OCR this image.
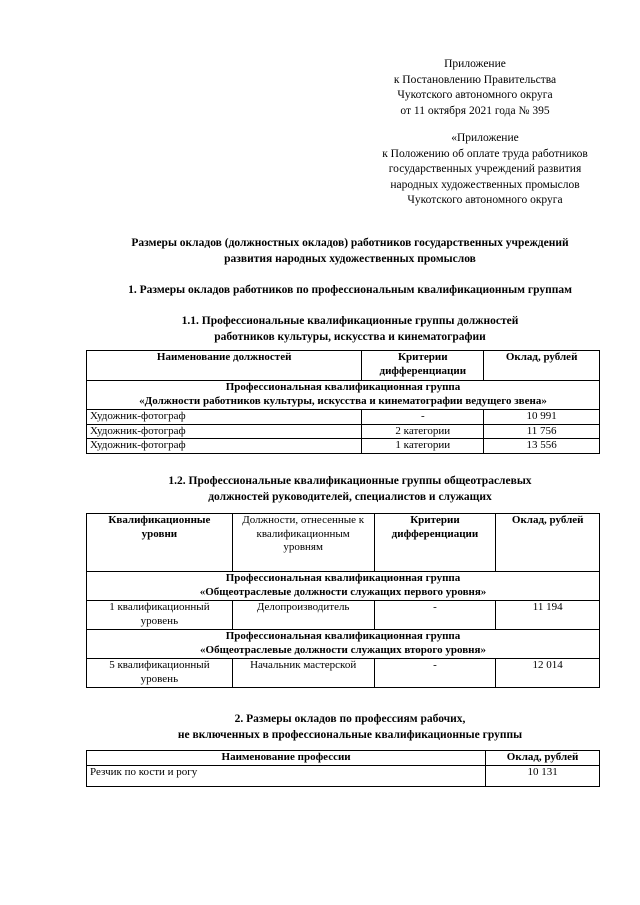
Приложение
к Постановлению Правительства
Чукотского автономного округа
от 11 октября 2021 года № 395
«Приложение
к Положению об оплате труда работников
государственных учреждений развития
народных художественных промыслов
Чукотского автономного округа
Размеры окладов (должностных окладов) работников государственных учреждений
развития народных художественных промыслов
1. Размеры окладов работников по профессиональным квалификационным группам
1.1. Профессиональные квалификационные группы должностей
работников культуры, искусства и кинематографии
Наименование должностей	Критерии дифференциации	Оклад, рублей

Профессиональная квалификационная группа
«Должности работников культуры, искусства и кинематографии ведущего звена»		

Художник-фотограф	-	10 991
Художник-фотограф	2 категории	11 756
Художник-фотограф	1 категории	13 556
1.2. Профессиональные квалификационные группы общеотраслевых
должностей руководителей, специалистов и служащих
Квалификационные уровни	Должности, отнесенные к квалификационным уровням	Критерии дифференциации	Оклад, рублей

Профессиональная квалификационная группа
«Общеотраслевые должности служащих первого уровня»			

1 квалификационный уровень	Делопроизводитель	-	11 194

Профессиональная квалификационная группа
«Общеотраслевые должности служащих второго уровня»			

5 квалификационный уровень	Начальник мастерской	-	12 014
2. Размеры окладов по профессиям рабочих,
не включенных в профессиональные квалификационные группы
Наименование профессии	Оклад, рублей
Резчик по кости и рогу	10 131
